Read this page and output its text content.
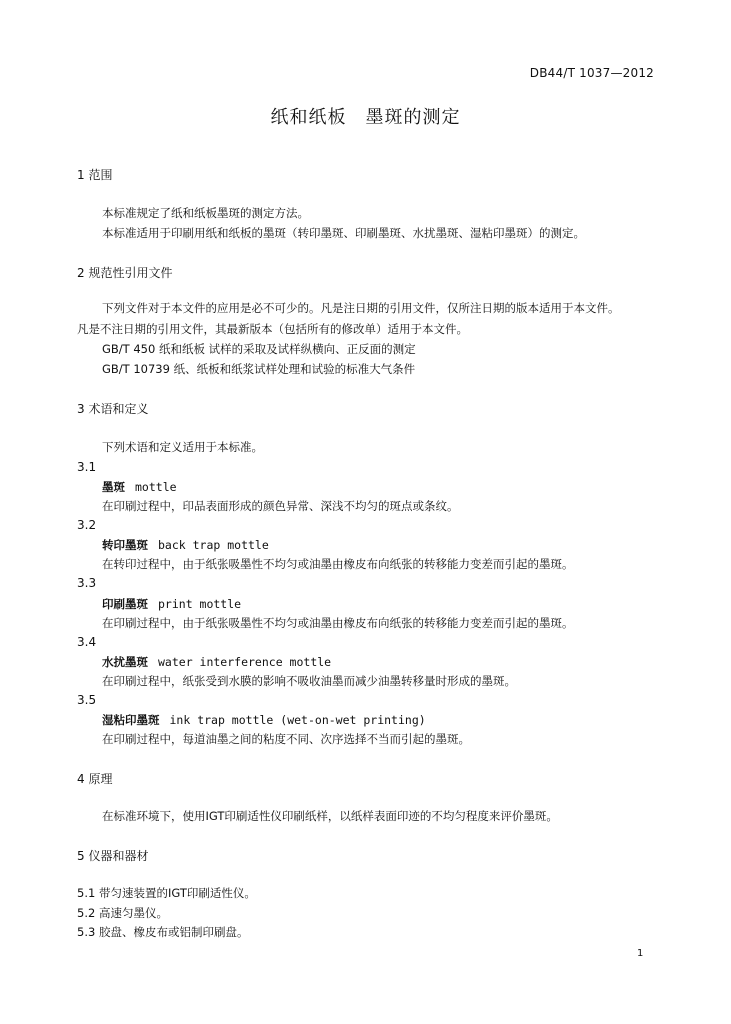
DB44/T 1037—2012
纸和纸板　墨斑的测定
1 范围
本标准规定了纸和纸板墨斑的测定方法。
本标准适用于印刷用纸和纸板的墨斑（转印墨斑、印刷墨斑、水扰墨斑、湿粘印墨斑）的测定。
2 规范性引用文件
下列文件对于本文件的应用是必不可少的。凡是注日期的引用文件，仅所注日期的版本适用于本文件。凡是不注日期的引用文件，其最新版本（包括所有的修改单）适用于本文件。
GB/T 450 纸和纸板 试样的采取及试样纵横向、正反面的测定
GB/T 10739 纸、纸板和纸浆试样处理和试验的标准大气条件
3 术语和定义
下列术语和定义适用于本标准。
3.1
墨斑 mottle
在印刷过程中，印品表面形成的颜色异常、深浅不均匀的斑点或条纹。
3.2
转印墨斑 back trap mottle
在转印过程中，由于纸张吸墨性不均匀或油墨由橡皮布向纸张的转移能力变差而引起的墨斑。
3.3
印刷墨斑 print mottle
在印刷过程中，由于纸张吸墨性不均匀或油墨由橡皮布向纸张的转移能力变差而引起的墨斑。
3.4
水扰墨斑 water interference mottle
在印刷过程中，纸张受到水膜的影响不吸收油墨而减少油墨转移量时形成的墨斑。
3.5
湿粘印墨斑 ink trap mottle (wet-on-wet printing)
在印刷过程中，每道油墨之间的粘度不同、次序选择不当而引起的墨斑。
4 原理
在标准环境下，使用IGT印刷适性仪印刷纸样，以纸样表面印迹的不均匀程度来评价墨斑。
5 仪器和器材
5.1 带匀速装置的IGT印刷适性仪。
5.2 高速匀墨仪。
5.3 胶盘、橡皮布或铝制印刷盘。
1
